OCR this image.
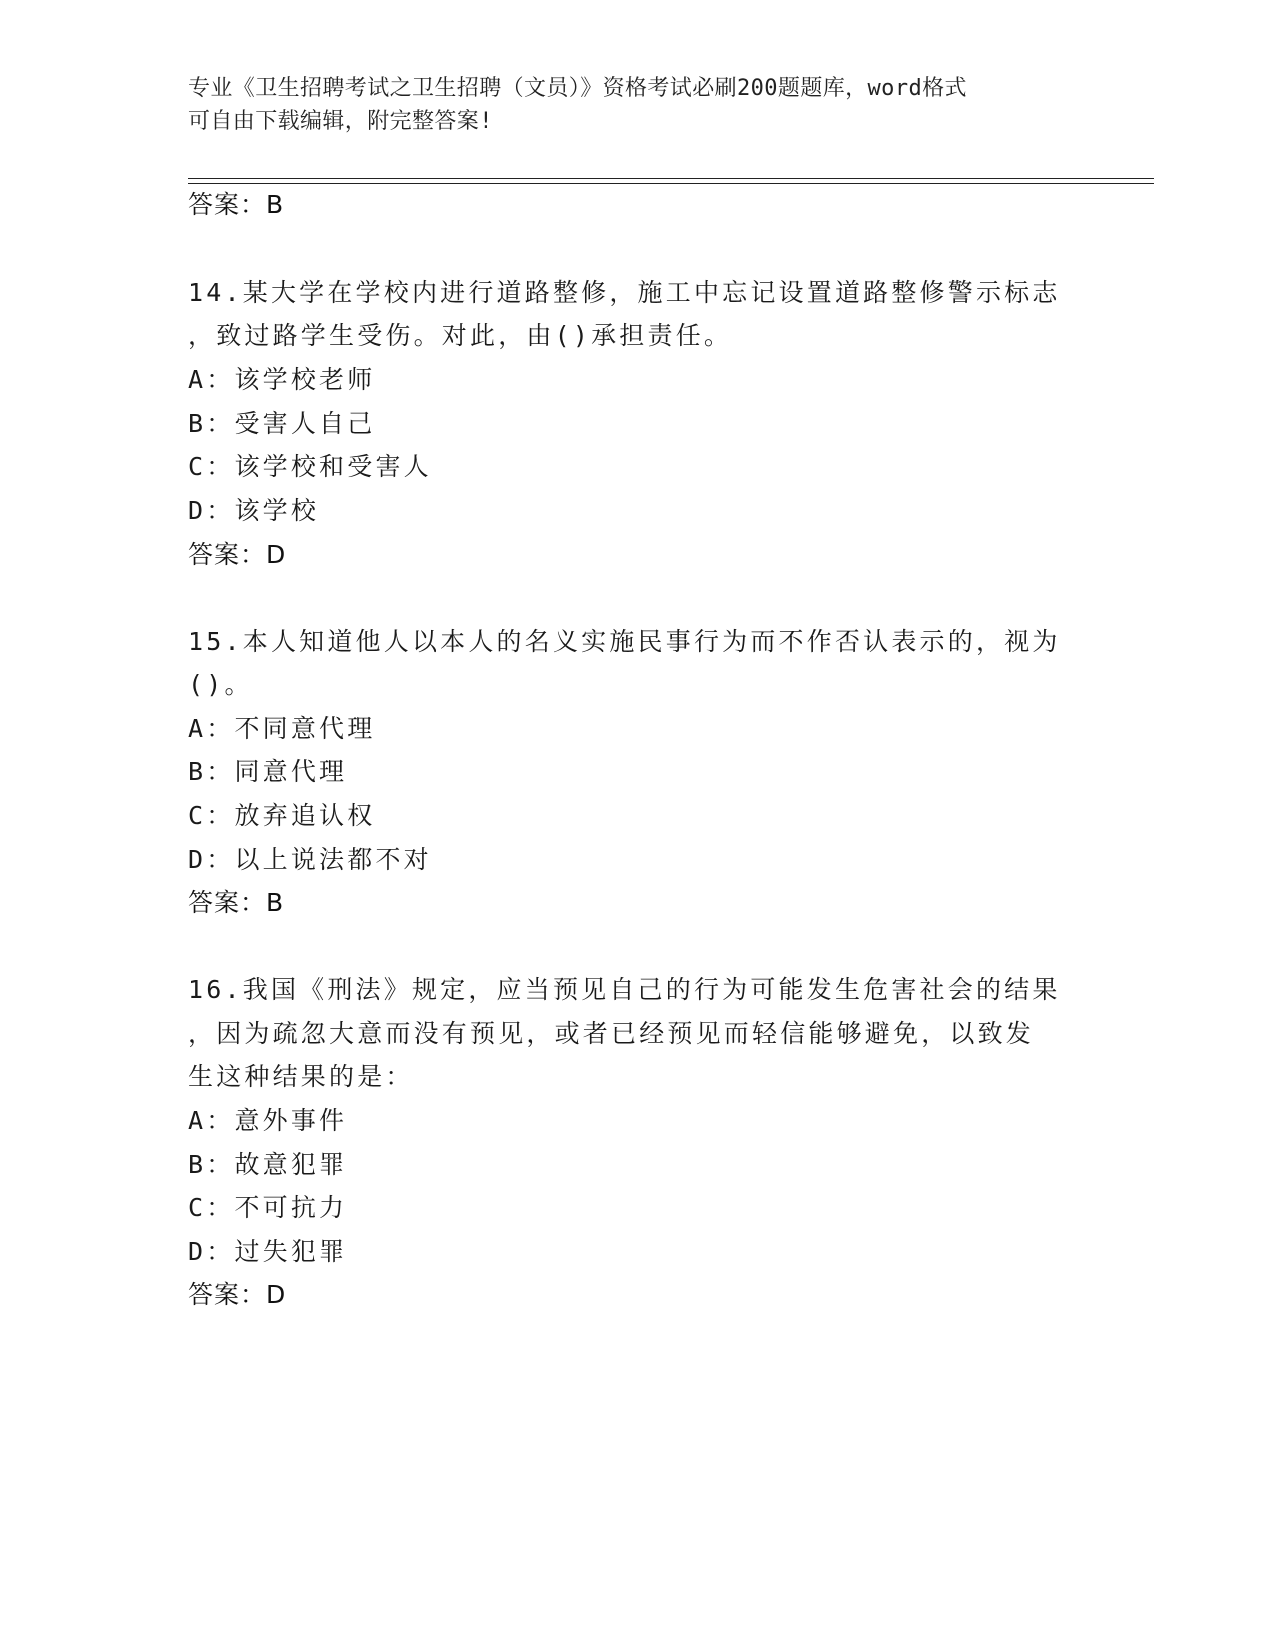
专业《卫生招聘考试之卫生招聘（文员）》资格考试必刷200题题库，word格式
可自由下载编辑，附完整答案!
答案：B
14.某大学在学校内进行道路整修，施工中忘记设置道路整修警示标志
，致过路学生受伤。对此，由()承担责任。
A：该学校老师
B：受害人自己
C：该学校和受害人
D：该学校
答案：D
15.本人知道他人以本人的名义实施民事行为而不作否认表示的，视为
()。
A：不同意代理
B：同意代理
C：放弃追认权
D：以上说法都不对
答案：B
16.我国《刑法》规定，应当预见自己的行为可能发生危害社会的结果
，因为疏忽大意而没有预见，或者已经预见而轻信能够避免，以致发
生这种结果的是：
A：意外事件
B：故意犯罪
C：不可抗力
D：过失犯罪
答案：D
